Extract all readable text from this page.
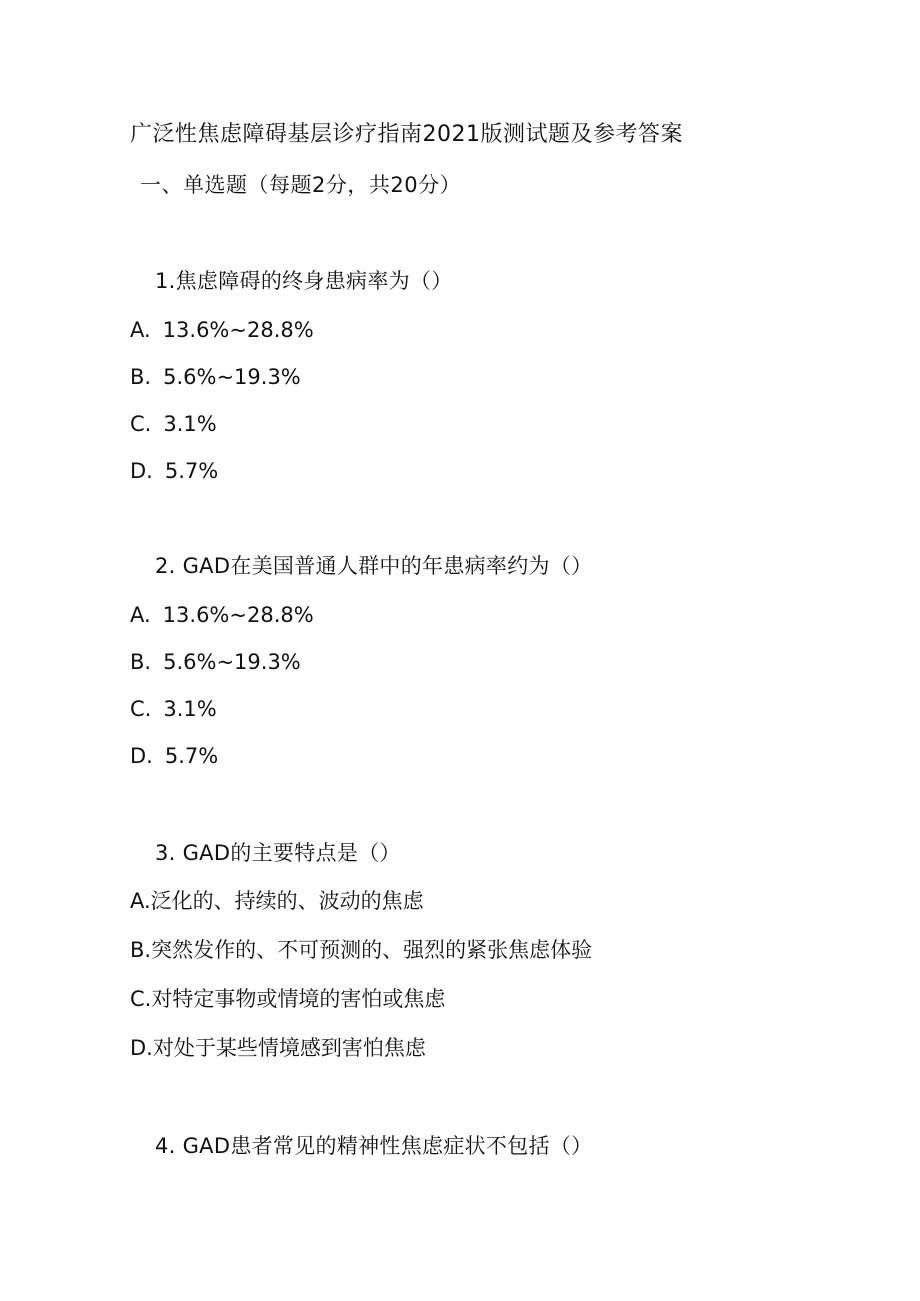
广泛性焦虑障碍基层诊疗指南2021版测试题及参考答案
一、单选题（每题2分，共20分）
1.焦虑障碍的终身患病率为（）
A. 13.6%~28.8%
B. 5.6%~19.3%
C. 3.1%
D. 5.7%
2. GAD在美国普通人群中的年患病率约为（）
A. 13.6%~28.8%
B. 5.6%~19.3%
C. 3.1%
D. 5.7%
3. GAD的主要特点是（）
A.泛化的、持续的、波动的焦虑
B.突然发作的、不可预测的、强烈的紧张焦虑体验
C.对特定事物或情境的害怕或焦虑
D.对处于某些情境感到害怕焦虑
4. GAD患者常见的精神性焦虑症状不包括（）
